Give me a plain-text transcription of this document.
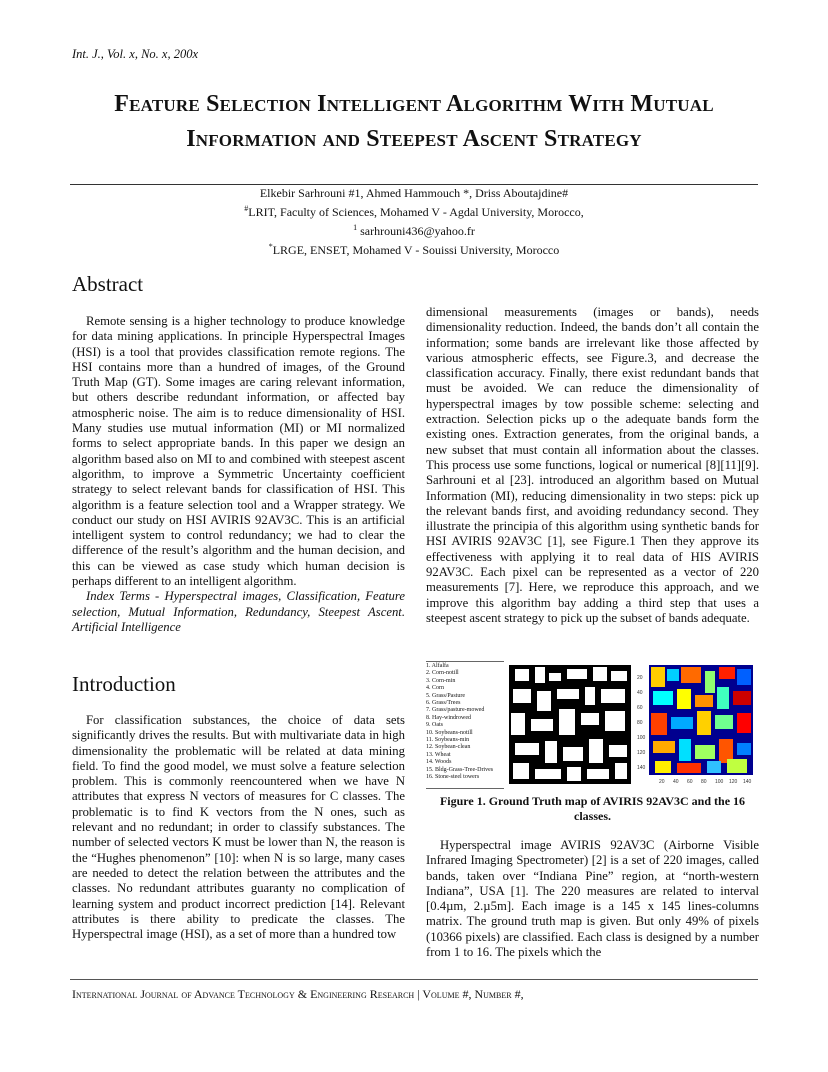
Int. J., Vol. x, No. x, 200x
Feature Selection Intelligent Algorithm With Mutual Information and Steepest Ascent Strategy
Elkebir Sarhrouni #1, Ahmed Hammouch *, Driss Aboutajdine#
#LRIT, Faculty of Sciences, Mohamed V - Agdal University, Morocco,
$^1$ sarhrouni436@yahoo.fr
*LRGE, ENSET, Mohamed V - Souissi University, Morocco
Abstract

Remote sensing is a higher technology to produce knowledge for data mining applications. In principle Hyperspectral Images (HSI) is a tool that provides classification remote regions. The HSI contains more than a hundred of images, of the Ground Truth Map (GT). Some images are caring relevant information, but others describe redundant information, or affected bay atmospheric noise. The aim is to reduce dimensionality of HSI. Many studies use mutual information (MI) or MI normalized forms to select appropriate bands. In this paper we design an algorithm based also on MI to and combined with steepest ascent algorithm, to improve a Symmetric Uncertainty coefficient strategy to select relevant bands for classification of HSI. This algorithm is a feature selection tool and a Wrapper strategy. We conduct our study on HSI AVIRIS 92AV3C. This is an artificial intelligent system to control redundancy; we had to clear the difference of the result’s algorithm and the human decision, and this can be viewed as case study which human decision is perhaps different to an intelligent algorithm.

Index Terms - Hyperspectral images, Classification, Feature selection, Mutual Information, Redundancy, Steepest Ascent. Artificial Intelligence

Introduction

For classification substances, the choice of data sets significantly drives the results. But with multivariate data in high dimensionality the problematic will be related at data mining field. To find the good model, we must solve a feature selection problem. This is commonly reencountered when we have N attributes that express N vectors of measures for C classes. The problematic is to find K vectors from the N ones, such as relevant and no redundant; in order to classify substances. The number of selected vectors K must be lower than N, the reason is the “Hughes phenomenon” [10]: when N is so large, many cases are needed to detect the relation between the attributes and the classes. No redundant attributes guaranty no complication of learning system and product incorrect prediction [14]. Relevant attributes is there ability to predicate the classes. The Hyperspectral image (HSI), as a set of more than a hundred tow

dimensional measurements (images or bands), needs dimensionality reduction. Indeed, the bands don’t all contain the information; some bands are irrelevant like those affected by various atmospheric effects, see Figure.3, and decrease the classification accuracy. Finally, there exist redundant bands that must be avoided. We can reduce the dimensionality of hyperspectral images by tow possible scheme: selecting and extraction. Selection picks up o the adequate bands form the existing ones. Extraction generates, from the original bands, a new subset that must contain all information about the classes. This process use some functions, logical or numerical [8][11][9]. Sarhrouni et al [23]. introduced an algorithm based on Mutual Information (MI), reducing dimensionality in two steps: pick up the relevant bands first, and avoiding redundancy second. They illustrate the principia of this algorithm using synthetic bands for HSI AVIRIS 92AV3C [1], see Figure.1 Then they approve its effectiveness with applying it to real data of HIS AVIRIS 92AV3C. Each pixel can be represented as a vector of 220 measurements [7]. Here, we reproduce this approach, and we improve this algorithm bay adding a third step that uses a steepest ascent strategy to pick up the subset of bands adequate.

1. Alfalfa
2. Corn-notill
3. Corn-min
4. Corn
5. Grass/Pasture
6. Grass/Trees
7. Grass/pasture-mowed
8. Hay-windrowed
9. Oats
10. Soybeans-notill
11. Soybeans-min
12. Soybean-clean
13. Wheat
14. Woods
15. Bldg-Grass-Tree-Drives
16. Stone-steel towers
20
40
60
80
100
120
140
20 40 60 80 100 120 140
Figure 1. Ground Truth map of AVIRIS 92AV3C and the 16 classes.

Hyperspectral image AVIRIS 92AV3C (Airborne Visible Infrared Imaging Spectrometer) [2] is a set of 220 images, called bands, taken over “Indiana Pine” region, at “north-western Indiana”, USA [1]. The 220 measures are related to interval [0.4µm, 2.µ5m]. Each image is a 145 x 145 lines-columns matrix. The ground truth map is given. But only 49% of pixels (10366 pixels) are classified. Each class is designed by a number from 1 to 16. The pixels which the

International Journal of Advance Technology & Engineering Research | Volume #, Number #,
